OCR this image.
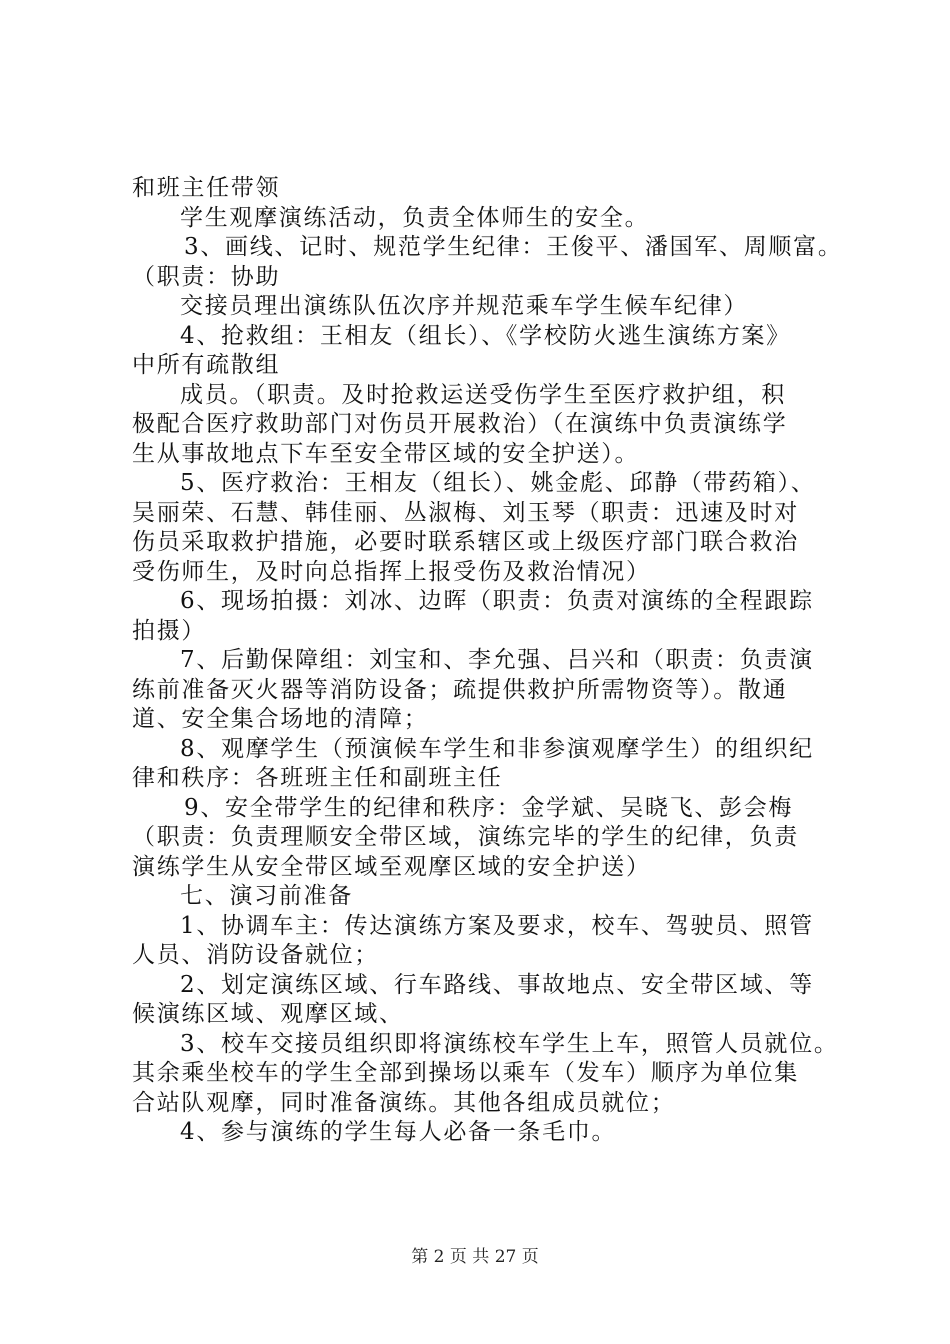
和班主任带领
学生观摩演练活动，负责全体师生的安全。
3、画线、记时、规范学生纪律：王俊平、潘国军、周顺富。
（职责：协助
交接员理出演练队伍次序并规范乘车学生候车纪律）
4、抢救组：王相友（组长）、《学校防火逃生演练方案》
中所有疏散组
成员。（职责。及时抢救运送受伤学生至医疗救护组，积
极配合医疗救助部门对伤员开展救治）（在演练中负责演练学
生从事故地点下车至安全带区域的安全护送）。
5、医疗救治：王相友（组长）、姚金彪、邱静（带药箱）、
吴丽荣、石慧、韩佳丽、丛淑梅、刘玉琴（职责：迅速及时对
伤员采取救护措施，必要时联系辖区或上级医疗部门联合救治
受伤师生，及时向总指挥上报受伤及救治情况）
6、现场拍摄：刘冰、边晖（职责：负责对演练的全程跟踪
拍摄）
7、后勤保障组：刘宝和、李允强、吕兴和（职责：负责演
练前准备灭火器等消防设备；疏提供救护所需物资等）。散通
道、安全集合场地的清障；
8、观摩学生（预演候车学生和非参演观摩学生）的组织纪
律和秩序：各班班主任和副班主任
9、安全带学生的纪律和秩序：金学斌、吴晓飞、彭会梅
（职责：负责理顺安全带区域，演练完毕的学生的纪律，负责
演练学生从安全带区域至观摩区域的安全护送）
七、演习前准备
1、协调车主：传达演练方案及要求，校车、驾驶员、照管
人员、消防设备就位；
2、划定演练区域、行车路线、事故地点、安全带区域、等
候演练区域、观摩区域、
3、校车交接员组织即将演练校车学生上车，照管人员就位。
其余乘坐校车的学生全部到操场以乘车（发车）顺序为单位集
合站队观摩，同时准备演练。其他各组成员就位；
4、参与演练的学生每人必备一条毛巾。
第 2 页 共 27 页
